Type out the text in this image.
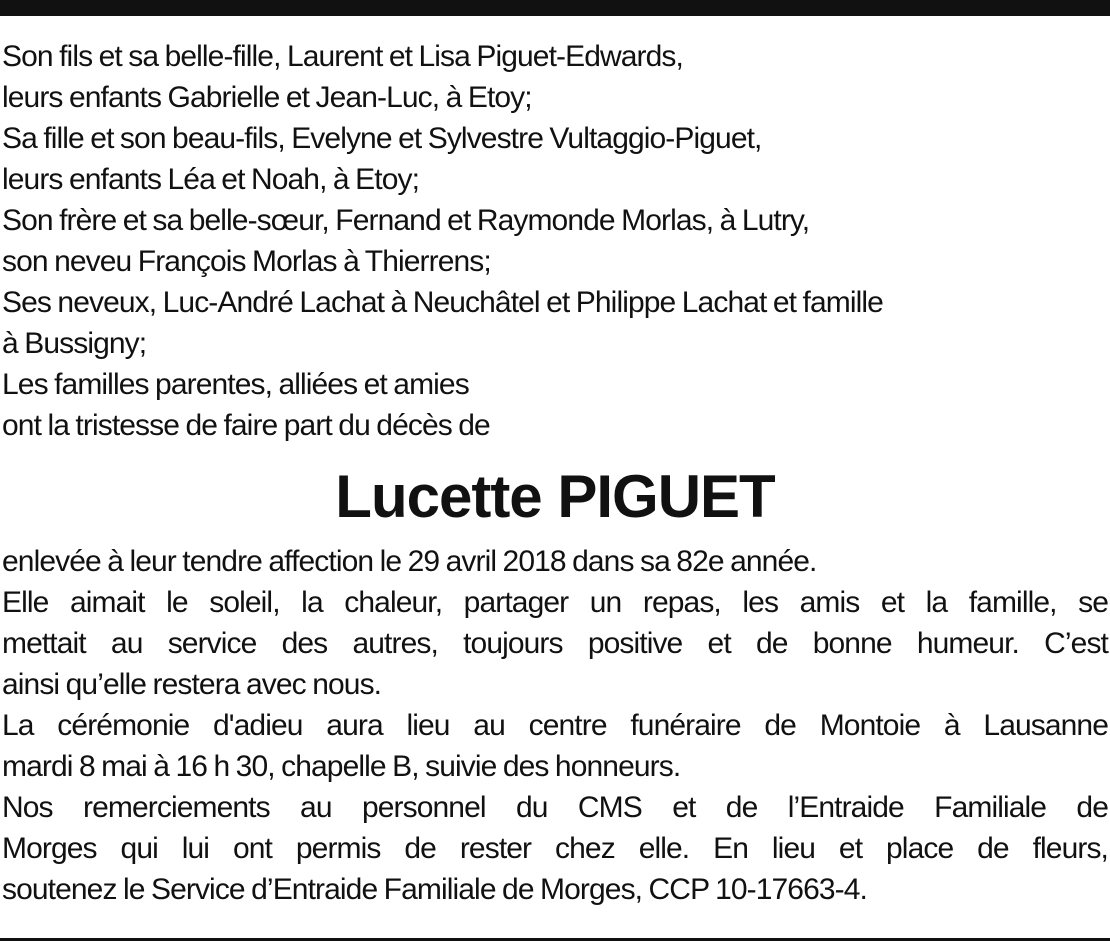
Son fils et sa belle-fille, Laurent et Lisa Piguet-Edwards,
leurs enfants Gabrielle et Jean-Luc, à Etoy;
Sa fille et son beau-fils, Evelyne et Sylvestre Vultaggio-Piguet,
leurs enfants Léa et Noah, à Etoy;
Son frère et sa belle-sœur, Fernand et Raymonde Morlas, à Lutry,
son neveu François Morlas à Thierrens;
Ses neveux, Luc-André Lachat à Neuchâtel et Philippe Lachat et famille
à Bussigny;
Les familles parentes, alliées et amies
ont la tristesse de faire part du décès de
Lucette PIGUET
enlevée à leur tendre affection le 29 avril 2018 dans sa 82e année.
Elle aimait le soleil, la chaleur, partager un repas, les amis et la famille, se
mettait au service des autres, toujours positive et de bonne humeur. C’est
ainsi qu’elle restera avec nous.
La cérémonie d'adieu aura lieu au centre funéraire de Montoie à Lausanne
mardi 8 mai à 16 h 30, chapelle B, suivie des honneurs.
Nos remerciements au personnel du CMS et de l’Entraide Familiale de
Morges qui lui ont permis de rester chez elle. En lieu et place de fleurs,
soutenez le Service d’Entraide Familiale de Morges, CCP 10-17663-4.
